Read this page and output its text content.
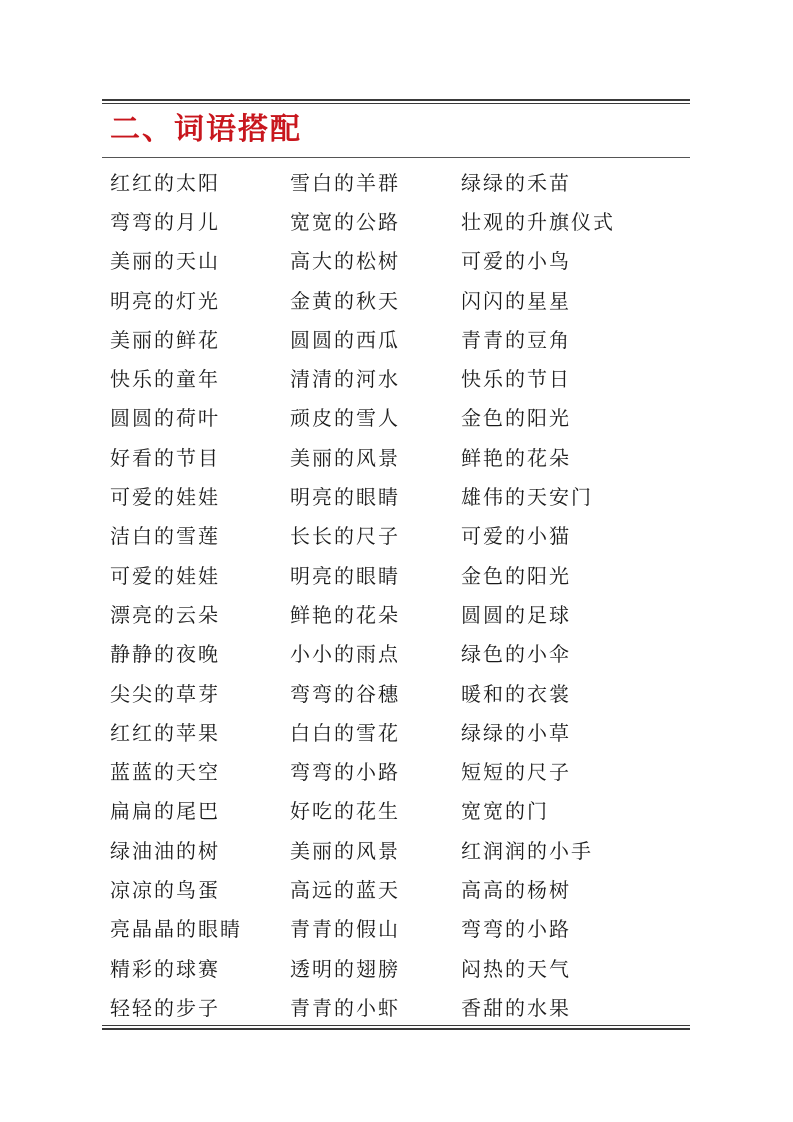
二、词语搭配
红红的太阳	雪白的羊群	绿绿的禾苗
弯弯的月儿	宽宽的公路	壮观的升旗仪式
美丽的天山	高大的松树	可爱的小鸟
明亮的灯光	金黄的秋天	闪闪的星星
美丽的鲜花	圆圆的西瓜	青青的豆角
快乐的童年	清清的河水	快乐的节日
圆圆的荷叶	顽皮的雪人	金色的阳光
好看的节目	美丽的风景	鲜艳的花朵
可爱的娃娃	明亮的眼睛	雄伟的天安门
洁白的雪莲	长长的尺子	可爱的小猫
可爱的娃娃	明亮的眼睛	金色的阳光
漂亮的云朵	鲜艳的花朵	圆圆的足球
静静的夜晚	小小的雨点	绿色的小伞
尖尖的草芽	弯弯的谷穗	暖和的衣裳
红红的苹果	白白的雪花	绿绿的小草
蓝蓝的天空	弯弯的小路	短短的尺子
扁扁的尾巴	好吃的花生	宽宽的门
绿油油的树	美丽的风景	红润润的小手
凉凉的鸟蛋	高远的蓝天	高高的杨树
亮晶晶的眼睛	青青的假山	弯弯的小路
精彩的球赛	透明的翅膀	闷热的天气
轻轻的步子	青青的小虾	香甜的水果
